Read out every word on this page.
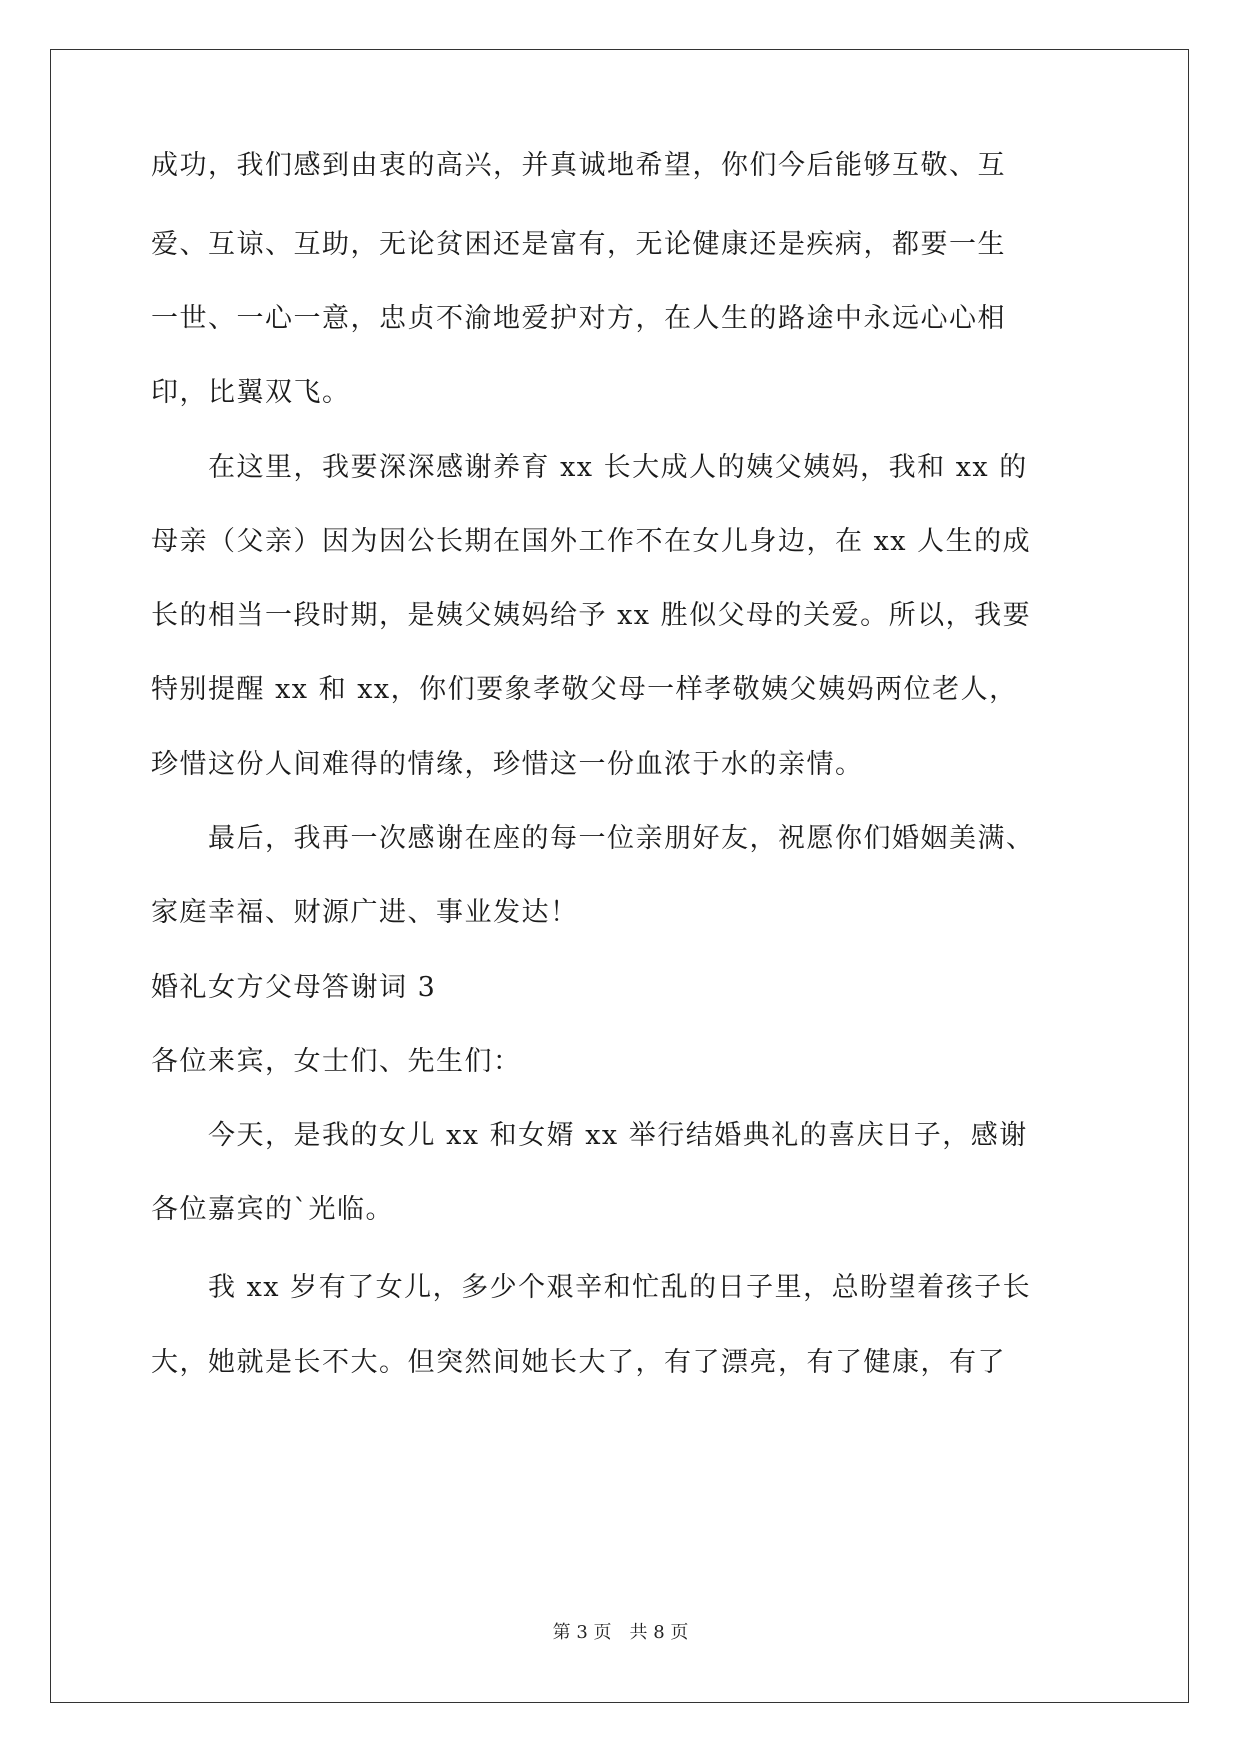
成功，我们感到由衷的高兴，并真诚地希望，你们今后能够互敬、互
爱、互谅、互助，无论贫困还是富有，无论健康还是疾病，都要一生
一世、一心一意，忠贞不渝地爱护对方，在人生的路途中永远心心相
印，比翼双飞。
　　在这里，我要深深感谢养育 xx 长大成人的姨父姨妈，我和 xx 的
母亲（父亲）因为因公长期在国外工作不在女儿身边，在 xx 人生的成
长的相当一段时期，是姨父姨妈给予 xx 胜似父母的关爱。所以，我要
特别提醒 xx 和 xx，你们要象孝敬父母一样孝敬姨父姨妈两位老人，
珍惜这份人间难得的情缘，珍惜这一份血浓于水的亲情。
　　最后，我再一次感谢在座的每一位亲朋好友，祝愿你们婚姻美满、
家庭幸福、财源广进、事业发达！
婚礼女方父母答谢词 3
各位来宾，女士们、先生们：
　　今天，是我的女儿 xx 和女婿 xx 举行结婚典礼的喜庆日子，感谢
各位嘉宾的`光临。
　　我 xx 岁有了女儿，多少个艰辛和忙乱的日子里，总盼望着孩子长
大，她就是长不大。但突然间她长大了，有了漂亮，有了健康，有了
第 3 页　共 8 页
